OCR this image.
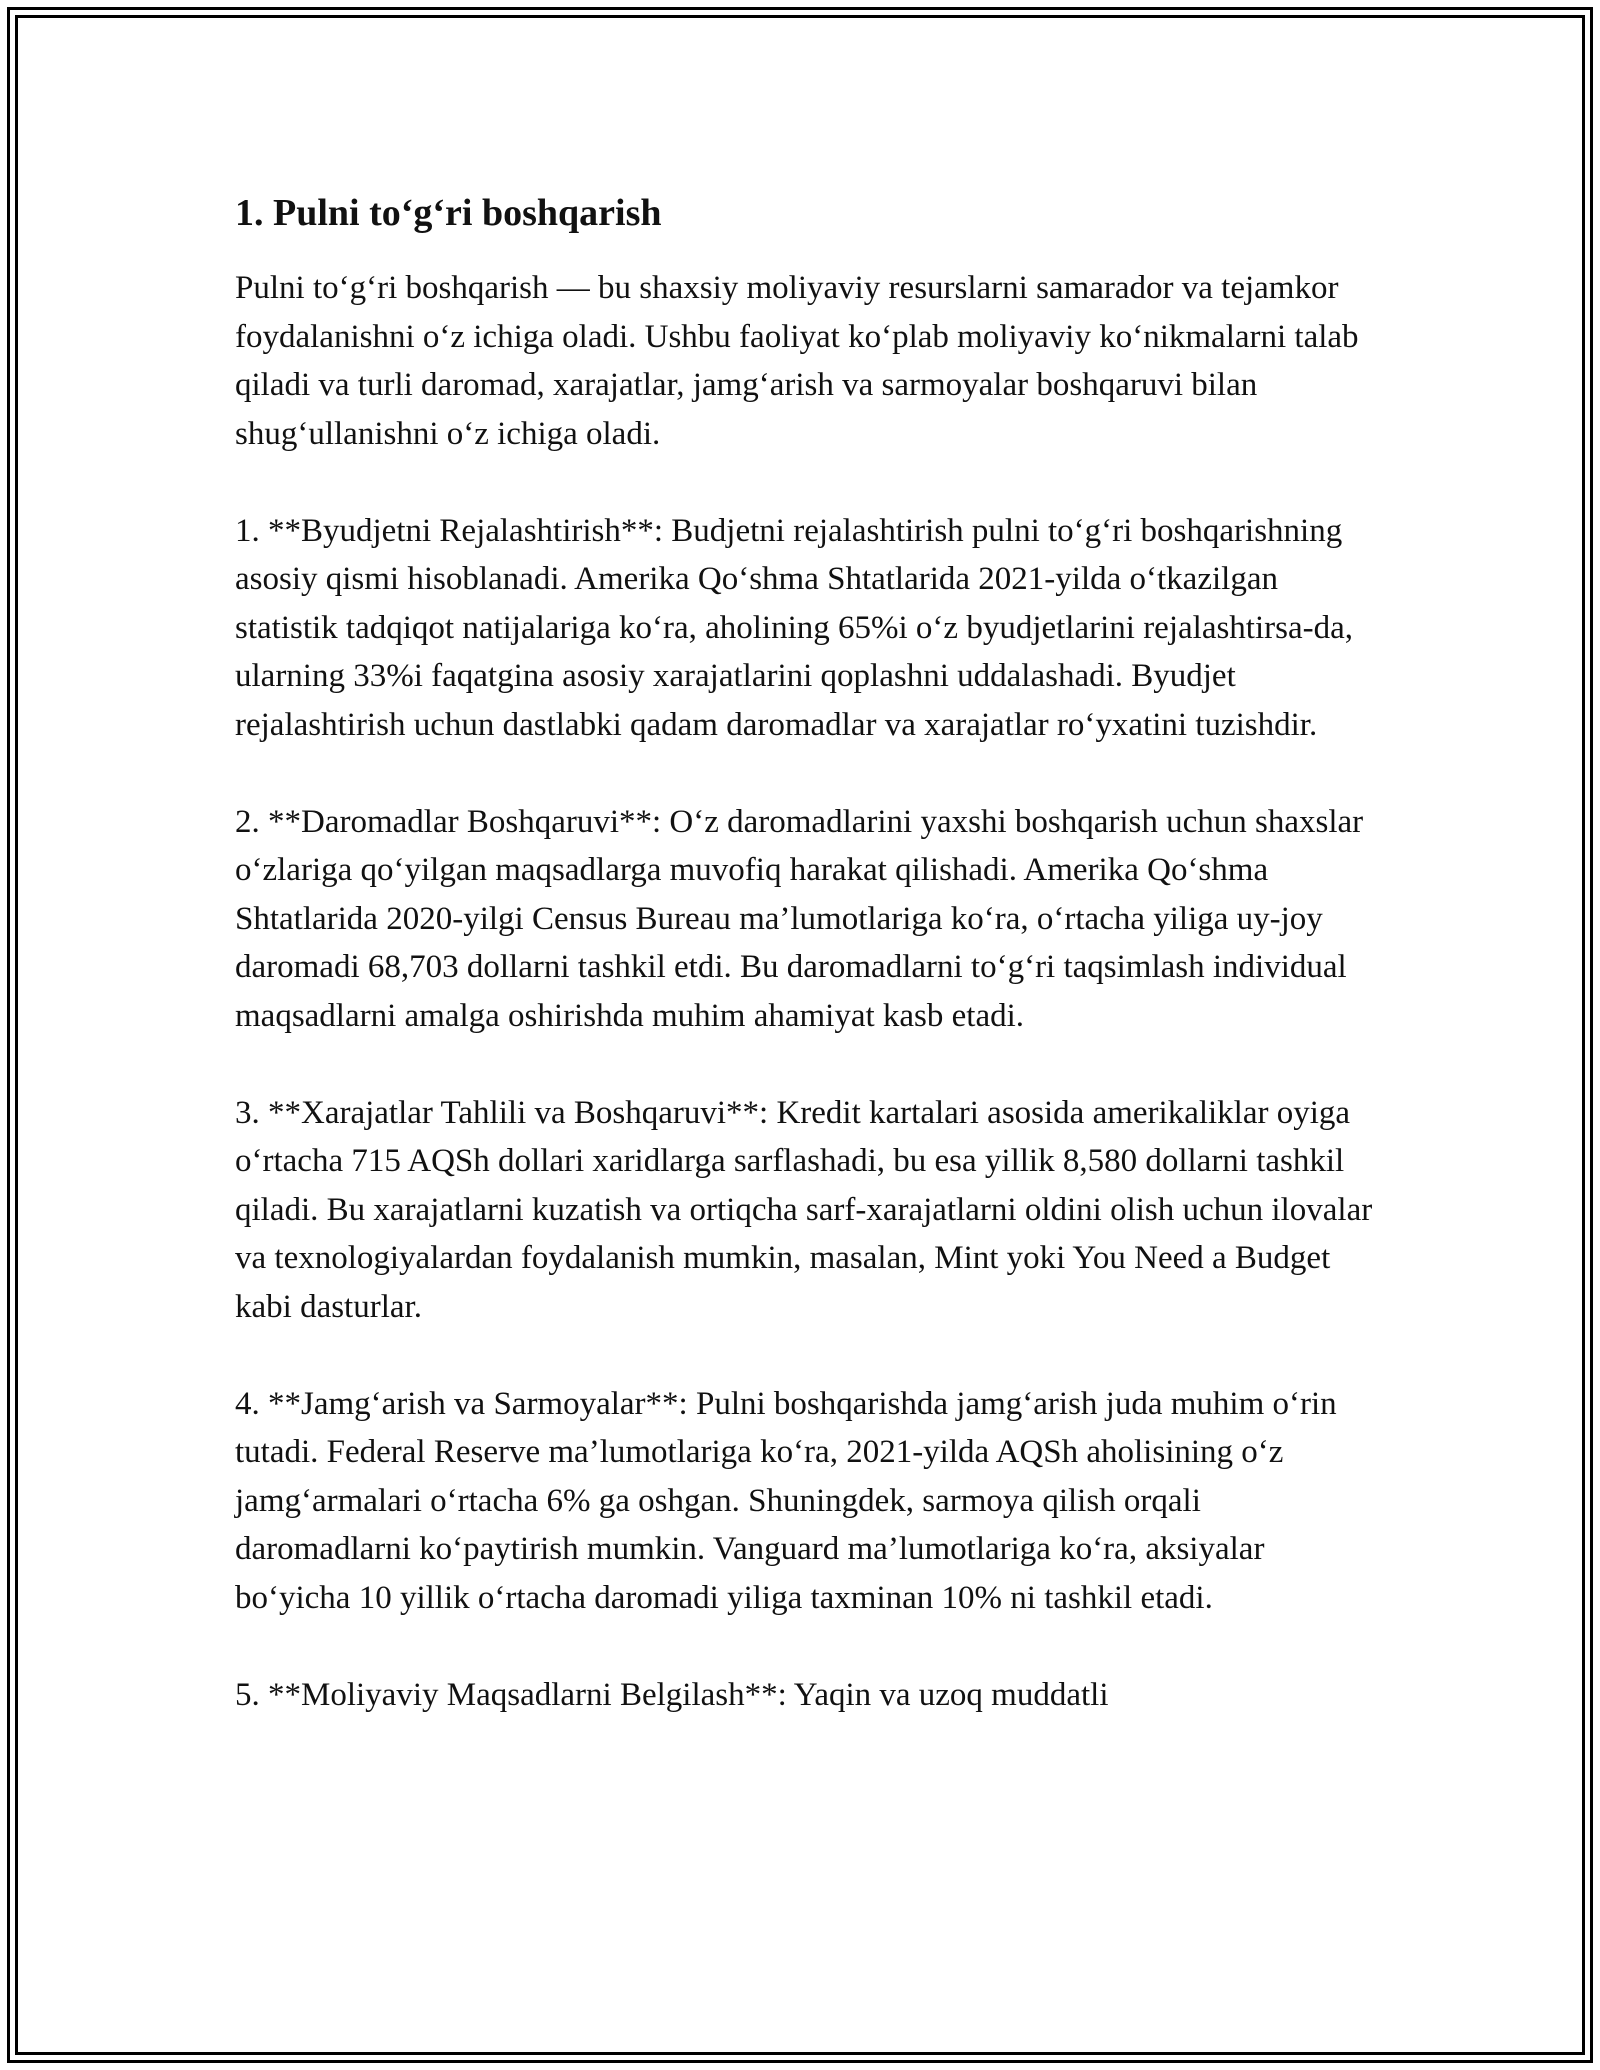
1. Pulni to‘g‘ri boshqarish

Pulni to‘g‘ri boshqarish — bu shaxsiy moliyaviy resurslarni samarador va tejamkor foydalanishni o‘z ichiga oladi. Ushbu faoliyat ko‘plab moliyaviy ko‘nikmalarni talab qiladi va turli daromad, xarajatlar, jamg‘arish va sarmoyalar boshqaruvi bilan shug‘ullanishni o‘z ichiga oladi.

1. **Byudjetni Rejalashtirish**: Budjetni rejalashtirish pulni to‘g‘ri boshqarishning asosiy qismi hisoblanadi. Amerika Qo‘shma Shtatlarida 2021-yilda o‘tkazilgan statistik tadqiqot natijalariga ko‘ra, aholining 65%i o‘z byudjetlarini rejalashtirsa-da, ularning 33%i faqatgina asosiy xarajatlarini qoplashni uddalashadi. Byudjet rejalashtirish uchun dastlabki qadam daromadlar va xarajatlar ro‘yxatini tuzishdir.

2. **Daromadlar Boshqaruvi**: O‘z daromadlarini yaxshi boshqarish uchun shaxslar o‘zlariga qo‘yilgan maqsadlarga muvofiq harakat qilishadi. Amerika Qo‘shma Shtatlarida 2020-yilgi Census Bureau ma’lumotlariga ko‘ra, o‘rtacha yiliga uy-joy daromadi 68,703 dollarni tashkil etdi. Bu daromadlarni to‘g‘ri taqsimlash individual maqsadlarni amalga oshirishda muhim ahamiyat kasb etadi.

3. **Xarajatlar Tahlili va Boshqaruvi**: Kredit kartalari asosida amerikaliklar oyiga o‘rtacha 715 AQSh dollari xaridlarga sarflashadi, bu esa yillik 8,580 dollarni tashkil qiladi. Bu xarajatlarni kuzatish va ortiqcha sarf-xarajatlarni oldini olish uchun ilovalar va texnologiyalardan foydalanish mumkin, masalan, Mint yoki You Need a Budget kabi dasturlar.

4. **Jamg‘arish va Sarmoyalar**: Pulni boshqarishda jamg‘arish juda muhim o‘rin tutadi. Federal Reserve ma’lumotlariga ko‘ra, 2021-yilda AQSh aholisining o‘z jamg‘armalari o‘rtacha 6% ga oshgan. Shuningdek, sarmoya qilish orqali daromadlarni ko‘paytirish mumkin. Vanguard ma’lumotlariga ko‘ra, aksiyalar bo‘yicha 10 yillik o‘rtacha daromadi yiliga taxminan 10% ni tashkil etadi.

5. **Moliyaviy Maqsadlarni Belgilash**: Yaqin va uzoq muddatli
